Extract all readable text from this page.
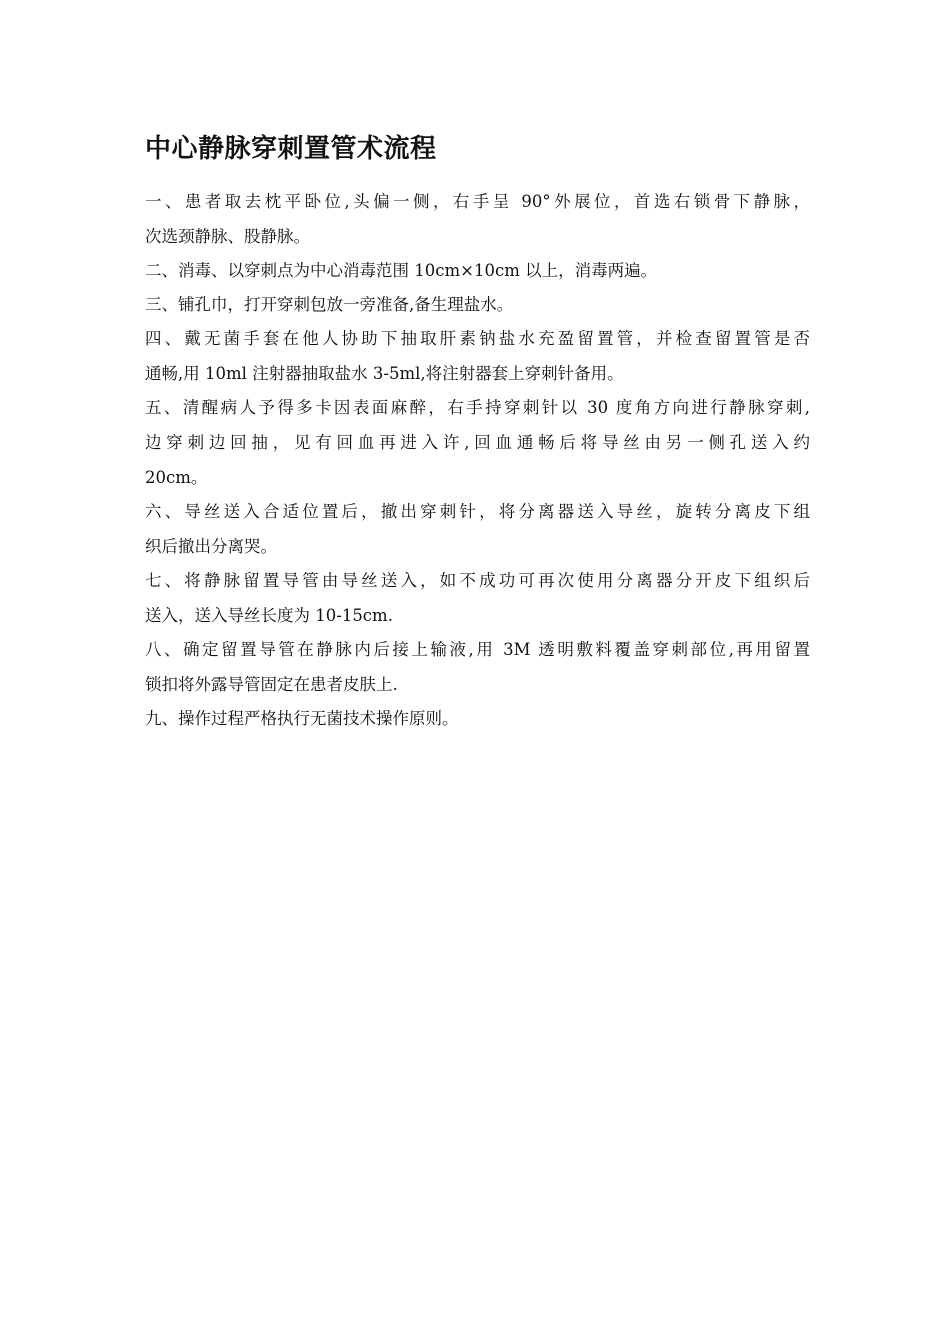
中心静脉穿刺置管术流程
一、患者取去枕平卧位,头偏一侧，右手呈 90°外展位，首选右锁骨下静脉，
次选颈静脉、股静脉。
二、消毒、以穿刺点为中心消毒范围 10cm×10cm 以上，消毒两遍。
三、铺孔巾，打开穿刺包放一旁准备,备生理盐水。
四、戴无菌手套在他人协助下抽取肝素钠盐水充盈留置管，并检查留置管是否
通畅,用 10ml 注射器抽取盐水 3-5ml,将注射器套上穿刺针备用。
五、清醒病人予得多卡因表面麻醉，右手持穿刺针以 30 度角方向进行静脉穿刺,
边穿刺边回抽，见有回血再进入许,回血通畅后将导丝由另一侧孔送入约
20cm。
六、导丝送入合适位置后，撤出穿刺针，将分离器送入导丝，旋转分离皮下组
织后撤出分离哭。
七、将静脉留置导管由导丝送入，如不成功可再次使用分离器分开皮下组织后
送入，送入导丝长度为 10-15cm.
八、确定留置导管在静脉内后接上输液,用 3M 透明敷料覆盖穿刺部位,再用留置
锁扣将外露导管固定在患者皮肤上.
九、操作过程严格执行无菌技术操作原则。
